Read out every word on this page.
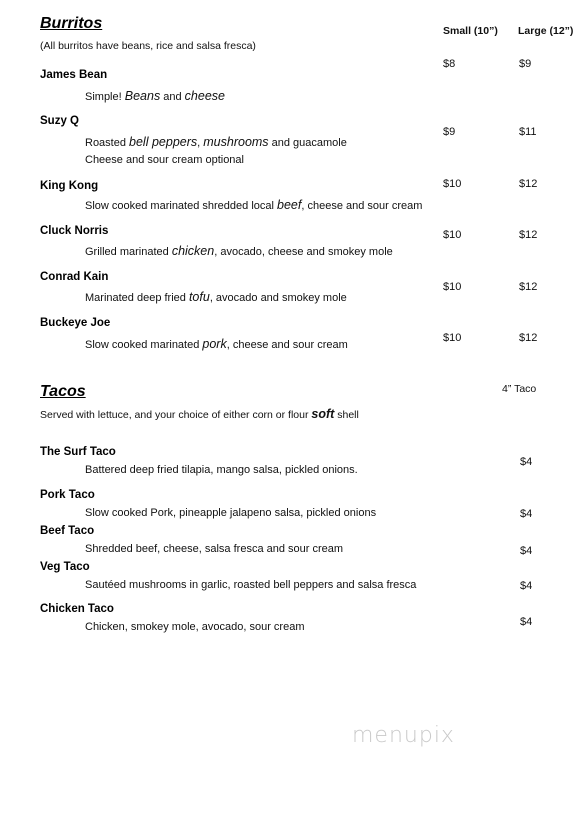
Burritos
(All burritos have beans, rice and salsa fresca)
Small (10”) Large (12”)
James Bean
Simple! Beans and cheese
$8	$9
Suzy Q
Roasted bell peppers, mushrooms and guacamole
Cheese and sour cream optional
$9	$11
King Kong
Slow cooked marinated shredded local beef, cheese and sour cream
$10	$12
Cluck Norris
Grilled marinated chicken, avocado, cheese and smokey mole
$10	$12
Conrad Kain
Marinated deep fried tofu, avocado and smokey mole
$10	$12
Buckeye Joe
Slow cooked marinated pork, cheese and sour cream
$10	$12
Tacos	4” Taco
Served with lettuce, and your choice of either corn or flour soft shell
The Surf Taco
Battered deep fried tilapia, mango salsa, pickled onions.
$4
Pork Taco
Slow cooked Pork, pineapple jalapeno salsa, pickled onions	$4
Beef Taco
Shredded beef, cheese, salsa fresca and sour cream	$4
Veg Taco
Sautéed mushrooms in garlic, roasted bell peppers and salsa fresca	$4
Chicken Taco
Chicken, smokey mole, avocado, sour cream	$4
menupix
